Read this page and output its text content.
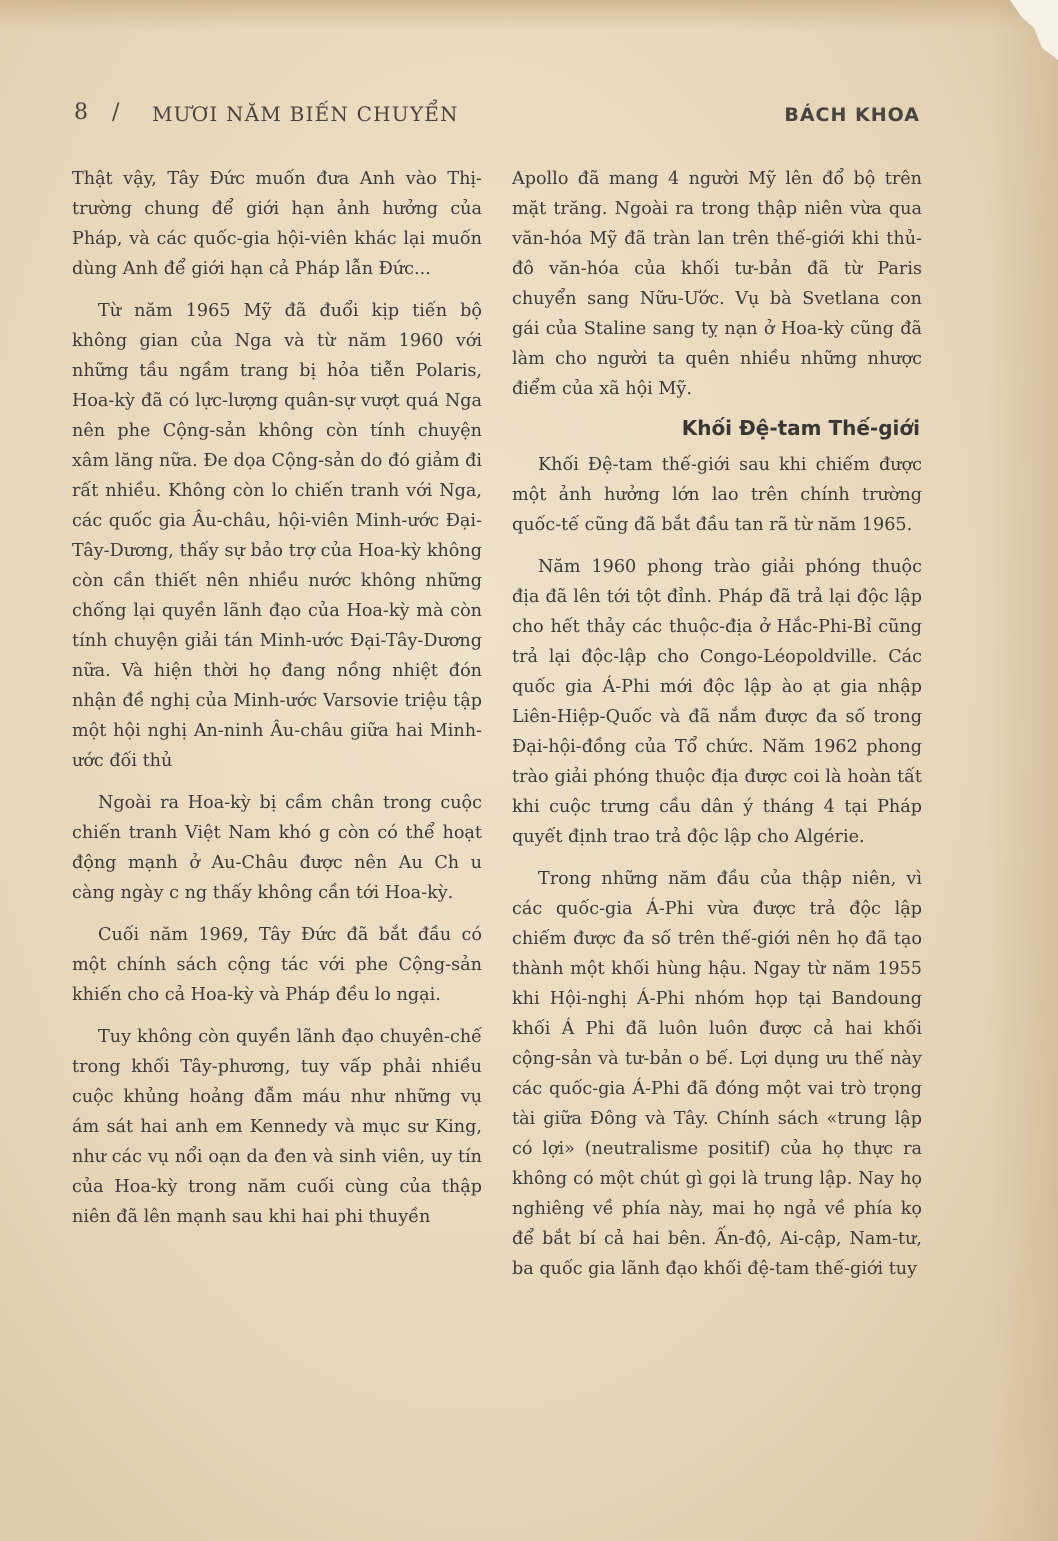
8 / MƯƠI NĂM BIẾN CHUYỂN	BÁCH KHOA

Thật vậy, Tây Đức muốn đưa Anh vào Thị-trường chung để giới hạn ảnh hưởng của Pháp, và các quốc-gia hội-viên khác lại muốn dùng Anh để giới hạn cả Pháp lẫn Đức...

Từ năm 1965 Mỹ đã đuổi kịp tiến bộ không gian của Nga và từ năm 1960 với những tầu ngầm trang bị hỏa tiễn Polaris, Hoa-kỳ đã có lực-lượng quân-sự vượt quá Nga nên phe Cộng-sản không còn tính chuyện xâm lăng nữa. Đe dọa Cộng-sản do đó giảm đi rất nhiều. Không còn lo chiến tranh với Nga, các quốc gia Âu-châu, hội-viên Minh-ước Đại-Tây-Dương, thấy sự bảo trợ của Hoa-kỳ không còn cần thiết nên nhiều nước không những chống lại quyền lãnh đạo của Hoa-kỳ mà còn tính chuyện giải tán Minh-ước Đại-Tây-Dương nữa. Và hiện thời họ đang nồng nhiệt đón nhận đề nghị của Minh-ước Varsovie triệu tập một hội nghị An-ninh Âu-châu giữa hai Minh-ước đối thủ

Ngoài ra Hoa-kỳ bị cầm chân trong cuộc chiến tranh Việt Nam khó g còn có thể hoạt động mạnh ở Au-Châu được nên Au Ch u càng ngày c ng thấy không cần tới Hoa-kỳ.

Cuối năm 1969, Tây Đức đã bắt đầu có một chính sách cộng tác với phe Cộng-sản khiến cho cả Hoa-kỳ và Pháp đều lo ngại.

Tuy không còn quyền lãnh đạo chuyên-chế trong khối Tây-phương, tuy vấp phải nhiều cuộc khủng hoảng đẫm máu như những vụ ám sát hai anh em Kennedy và mục sư King, như các vụ nổi oạn da đen và sinh viên, uy tín của Hoa-kỳ trong năm cuối cùng của thập niên đã lên mạnh sau khi hai phi thuyền

Apollo đã mang 4 người Mỹ lên đổ bộ trên mặt trăng. Ngoài ra trong thập niên vừa qua văn-hóa Mỹ đã tràn lan trên thế-giới khi thủ-đô văn-hóa của khối tư-bản đã từ Paris chuyển sang Nữu-Ước. Vụ bà Svetlana con gái của Staline sang tỵ nạn ở Hoa-kỳ cũng đã làm cho người ta quên nhiều những nhược điểm của xã hội Mỹ.

Khối Đệ-tam Thế-giới

Khối Đệ-tam thế-giới sau khi chiếm được một ảnh hưởng lớn lao trên chính trường quốc-tế cũng đã bắt đầu tan rã từ năm 1965.

Năm 1960 phong trào giải phóng thuộc địa đã lên tới tột đỉnh. Pháp đã trả lại độc lập cho hết thảy các thuộc-địa ở Hắc-Phi-Bỉ cũng trả lại độc-lập cho Congo-Léopoldville. Các quốc gia Á-Phi mới độc lập ào ạt gia nhập Liên-Hiệp-Quốc và đã nắm được đa số trong Đại-hội-đồng của Tổ chức. Năm 1962 phong trào giải phóng thuộc địa được coi là hoàn tất khi cuộc trưng cầu dân ý tháng 4 tại Pháp quyết định trao trả độc lập cho Algérie.

Trong những năm đầu của thập niên, vì các quốc-gia Á-Phi vừa được trả độc lập chiếm được đa số trên thế-giới nên họ đã tạo thành một khối hùng hậu. Ngay từ năm 1955 khi Hội-nghị Á-Phi nhóm họp tại Bandoung khối Á Phi đã luôn luôn được cả hai khối cộng-sản và tư-bản o bế. Lợi dụng ưu thế này các quốc-gia Á-Phi đã đóng một vai trò trọng tài giữa Đông và Tây. Chính sách «trung lập có lợi» (neutralisme positif) của họ thực ra không có một chút gì gọi là trung lập. Nay họ nghiêng về phía này, mai họ ngả về phía kọ để bắt bí cả hai bên. Ấn-độ, Ai-cập, Nam-tư, ba quốc gia lãnh đạo khối đệ-tam thế-giới tuy
